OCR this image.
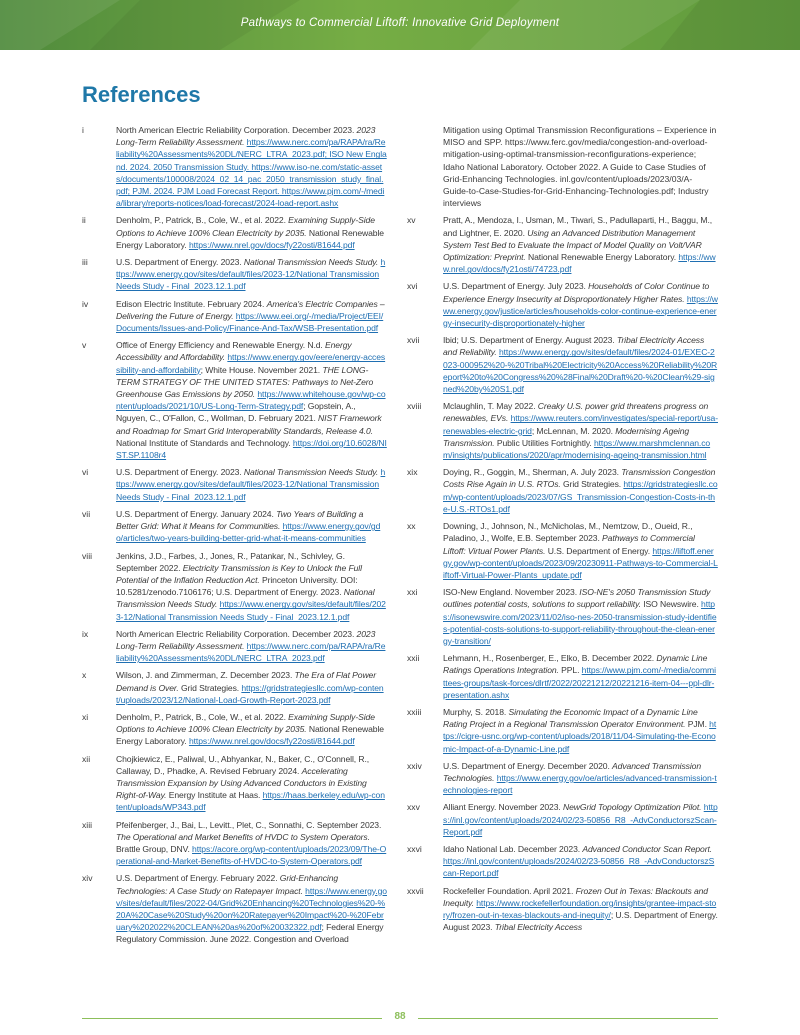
Pathways to Commercial Liftoff: Innovative Grid Deployment
References
i	North American Electric Reliability Corporation. December 2023. 2023 Long-Term Reliability Assessment. https://www.nerc.com/pa/RAPA/ra/Reliability%20Assessments%20DL/NERC_LTRA_2023.pdf; ISO New England. 2024. 2050 Transmission Study. https://www.iso-ne.com/static-assets/documents/100008/2024_02_14_pac_2050_transmission_study_final.pdf; PJM. 2024. PJM Load Forecast Report. https://www.pjm.com/-/media/library/reports-notices/load-forecast/2024-load-report.ashx
ii	Denholm, P., Patrick, B., Cole, W., et al. 2022. Examining Supply-Side Options to Achieve 100% Clean Electricity by 2035. National Renewable Energy Laboratory. https://www.nrel.gov/docs/fy22osti/81644.pdf
iii	U.S. Department of Energy. 2023. National Transmission Needs Study. https://www.energy.gov/sites/default/files/2023-12/National Transmission Needs Study - Final_2023.12.1.pdf
iv	Edison Electric Institute. February 2024. America's Electric Companies – Delivering the Future of Energy. https://www.eei.org/-/media/Project/EEI/Documents/Issues-and-Policy/Finance-And-Tax/WSB-Presentation.pdf
v	Office of Energy Efficiency and Renewable Energy. N.d. Energy Accessibility and Affordability. https://www.energy.gov/eere/energy-accessibility-and-affordability; White House. November 2021. THE LONG-TERM STRATEGY OF THE UNITED STATES: Pathways to Net-Zero Greenhouse Gas Emissions by 2050. https://www.whitehouse.gov/wp-content/uploads/2021/10/US-Long-Term-Strategy.pdf; Gopstein, A., Nguyen, C., O'Fallon, C., Wollman, D. February 2021. NIST Framework and Roadmap for Smart Grid Interoperability Standards, Release 4.0. National Institute of Standards and Technology. https://doi.org/10.6028/NIST.SP.1108r4
vi	U.S. Department of Energy. 2023. National Transmission Needs Study. https://www.energy.gov/sites/default/files/2023-12/National Transmission Needs Study - Final_2023.12.1.pdf
vii	U.S. Department of Energy. January 2024. Two Years of Building a Better Grid: What it Means for Communities. https://www.energy.gov/gdo/articles/two-years-building-better-grid-what-it-means-communities
viii	Jenkins, J.D., Farbes, J., Jones, R., Patankar, N., Schivley, G. September 2022. Electricity Transmission is Key to Unlock the Full Potential of the Inflation Reduction Act. Princeton University. DOI: 10.5281/zenodo.7106176; U.S. Department of Energy. 2023. National Transmission Needs Study. https://www.energy.gov/sites/default/files/2023-12/National Transmission Needs Study - Final_2023.12.1.pdf
ix	North American Electric Reliability Corporation. December 2023. 2023 Long-Term Reliability Assessment. https://www.nerc.com/pa/RAPA/ra/Reliability%20Assessments%20DL/NERC_LTRA_2023.pdf
x	Wilson, J. and Zimmerman, Z. December 2023. The Era of Flat Power Demand is Over. Grid Strategies. https://gridstrategiesllc.com/wp-content/uploads/2023/12/National-Load-Growth-Report-2023.pdf
xi	Denholm, P., Patrick, B., Cole, W., et al. 2022. Examining Supply-Side Options to Achieve 100% Clean Electricity by 2035. National Renewable Energy Laboratory. https://www.nrel.gov/docs/fy22osti/81644.pdf
xii	Chojkiewicz, E., Paliwal, U., Abhyankar, N., Baker, C., O'Connell, R., Callaway, D., Phadke, A. Revised February 2024. Accelerating Transmission Expansion by Using Advanced Conductors in Existing Right-of-Way. Energy Institute at Haas. https://haas.berkeley.edu/wp-content/uploads/WP343.pdf
xiii	Pfeifenberger, J., Bai, L., Levitt., Plet, C., Sonnathi, C. September 2023. The Operational and Market Benefits of HVDC to System Operators. Brattle Group, DNV. https://acore.org/wp-content/uploads/2023/09/The-Operational-and-Market-Benefits-of-HVDC-to-System-Operators.pdf
xiv	U.S. Department of Energy. February 2022. Grid-Enhancing Technologies: A Case Study on Ratepayer Impact. https://www.energy.gov/sites/default/files/2022-04/Grid%20Enhancing%20Technologies%20-%20A%20Case%20Study%20on%20Ratepayer%20Impact%20-%20February%202022%20CLEAN%20as%20of%20032322.pdf; Federal Energy Regulatory Commission. June 2022. Congestion and Overload
Mitigation using Optimal Transmission Reconfigurations – Experience in MISO and SPP. https://www.ferc.gov/media/congestion-and-overload-mitigation-using-optimal-transmission-reconfigurations-experience; Idaho National Laboratory. October 2022. A Guide to Case Studies of Grid-Enhancing Technologies. inl.gov/content/uploads/2023/03/A-Guide-to-Case-Studies-for-Grid-Enhancing-Technologies.pdf; Industry interviews
xv	Pratt, A., Mendoza, I., Usman, M., Tiwari, S., Padullaparti, H., Baggu, M., and Lightner, E. 2020. Using an Advanced Distribution Management System Test Bed to Evaluate the Impact of Model Quality on Volt/VAR Optimization: Preprint. National Renewable Energy Laboratory. https://www.nrel.gov/docs/fy21osti/74723.pdf
xvi	U.S. Department of Energy. July 2023. Households of Color Continue to Experience Energy Insecurity at Disproportionately Higher Rates. https://www.energy.gov/justice/articles/households-color-continue-experience-energy-insecurity-disproportionately-higher
xvii	Ibid; U.S. Department of Energy. August 2023. Tribal Electricity Access and Reliability. https://www.energy.gov/sites/default/files/2024-01/EXEC-2023-000952%20-%20Tribal%20Electricity%20Access%20Reliability%20Report%20to%20Congress%20%28Final%20Draft%20-%20Clean%29-signed%20by%20S1.pdf
xviii	Mclaughlin, T. May 2022. Creaky U.S. power grid threatens progress on renewables, EVs. https://www.reuters.com/investigates/special-report/usa-renewables-electric-grid; McLennan, M. 2020. Modernising Ageing Transmission. Public Utilities Fortnightly. https://www.marshmclennan.com/insights/publications/2020/apr/modernising-ageing-transmission.html
xix	Doying, R., Goggin, M., Sherman, A. July 2023. Transmission Congestion Costs Rise Again in U.S. RTOs. Grid Strategies. https://gridstrategiesllc.com/wp-content/uploads/2023/07/GS_Transmission-Congestion-Costs-in-the-U.S.-RTOs1.pdf
xx	Downing, J., Johnson, N., McNicholas, M., Nemtzow, D., Oueid, R., Paladino, J., Wolfe, E.B. September 2023. Pathways to Commercial Liftoff: Virtual Power Plants. U.S. Department of Energy. https://liftoff.energy.gov/wp-content/uploads/2023/09/20230911-Pathways-to-Commercial-Liftoff-Virtual-Power-Plants_update.pdf
xxi	ISO-New England. November 2023. ISO-NE's 2050 Transmission Study outlines potential costs, solutions to support reliability. ISO Newswire. https://isonewswire.com/2023/11/02/iso-nes-2050-transmission-study-identifies-potential-costs-solutions-to-support-reliability-throughout-the-clean-energy-transition/
xxii	Lehmann, H., Rosenberger, E., Elko, B. December 2022. Dynamic Line Ratings Operations Integration. PPL. https://www.pjm.com/-/media/committees-groups/task-forces/dlrtf/2022/20221212/20221216-item-04---ppl-dlr-presentation.ashx
xxiii	Murphy, S. 2018. Simulating the Economic Impact of a Dynamic Line Rating Project in a Regional Transmission Operator Environment. PJM. https://cigre-usnc.org/wp-content/uploads/2018/11/04-Simulating-the-Economic-Impact-of-a-Dynamic-Line.pdf
xxiv	U.S. Department of Energy. December 2020. Advanced Transmission Technologies. https://www.energy.gov/oe/articles/advanced-transmission-technologies-report
xxv	Alliant Energy. November 2023. NewGrid Topology Optimization Pilot. https://inl.gov/content/uploads/2024/02/23-50856_R8_-AdvConductorszScan-Report.pdf
xxvi	Idaho National Lab. December 2023. Advanced Conductor Scan Report. https://inl.gov/content/uploads/2024/02/23-50856_R8_-AdvConductorszScan-Report.pdf
xxvii	Rockefeller Foundation. April 2021. Frozen Out in Texas: Blackouts and Inequity. https://www.rockefellerfoundation.org/insights/grantee-impact-story/frozen-out-in-texas-blackouts-and-inequity/; U.S. Department of Energy. August 2023. Tribal Electricity Access
88
